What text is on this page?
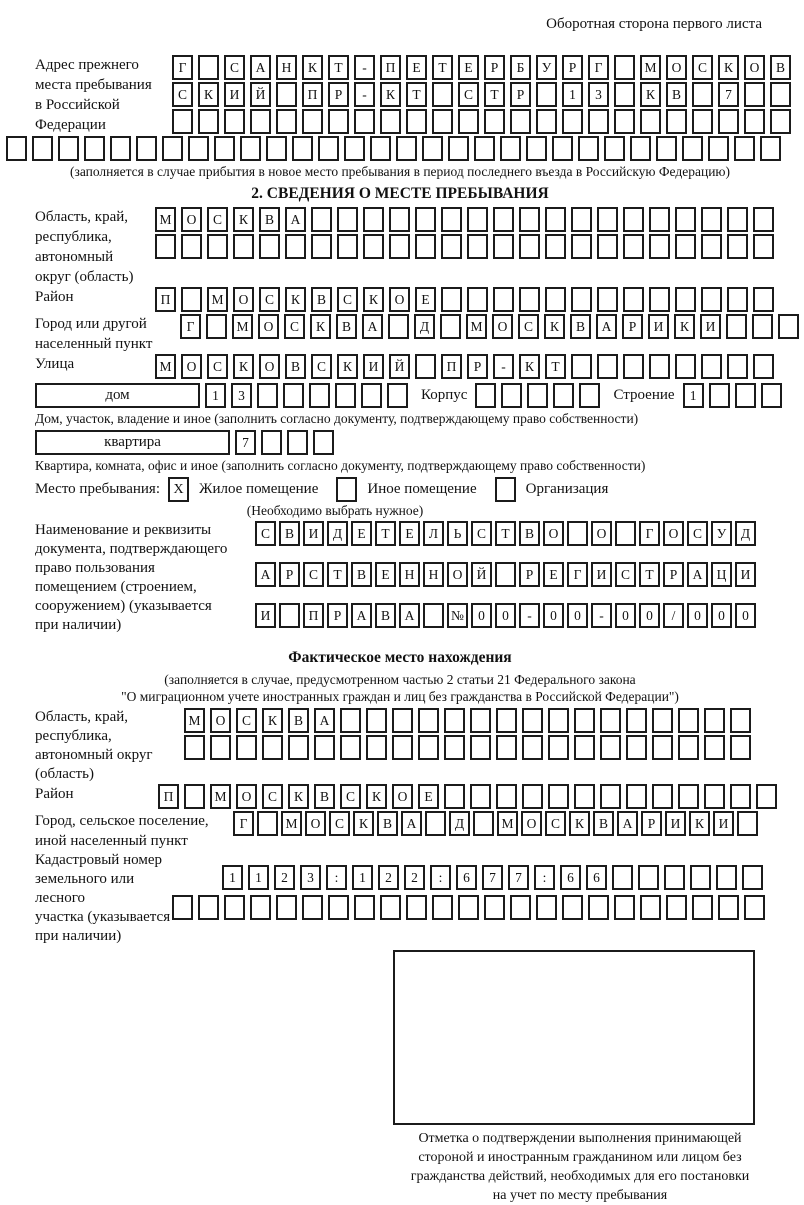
Оборотная сторона первого листа
Адрес прежнего
места пребывания
в Российской
Федерации
Г	С	А	Н	К	Т	-	П	Е	Т	Е	Р	Б	У	Р	Г	М	О	С	К	О	В
С	К	И	Й	П	Р	-	К	Т	С	Т	Р	1	3	К	В	7
(заполняется в случае прибытия в новое место пребывания в период последнего въезда в Российскую Федерацию)
2. СВЕДЕНИЯ О МЕСТЕ ПРЕБЫВАНИЯ
Область, край,
республика,
автономный
округ (область)
М	О	С	К	В	А
Район	П	М	О	С	К	В	С	К	О	Е
Город или другой
населенный пункт
Г	М	О	С	К	В	А	Д	М	О	С	К	В	А	Р	И	К	И
Улица	М	О	С	К	О	В	С	К	И	Й	П	Р	-	К	Т
дом	1	3	Корпус	Строение	1
Дом, участок, владение и иное (заполнить согласно документу, подтверждающему право собственности)
квартира	7
Квартира, комната, офис и иное (заполнить согласно документу, подтверждающему право собственности)
Место пребывания: X	Жилое помещение	Иное помещение	Организация
(Необходимо выбрать нужное)
Наименование и реквизиты
документа, подтверждающего
право пользования
помещением (строением,
сооружением) (указывается
при наличии)
С	В	И	Д	Е	Т	Е	Л	Ь	С	Т	В	О	О	Г	О	С	У	Д
А	Р	С	Т	В	Е	Н	Н	О	Й	Р	Е	Г	И	С	Т	Р	А	Ц	И
И	П	Р	А	В	А	№	0	0	-	0	0	-	0	0	/	0	0	0
Фактическое место нахождения
(заполняется в случае, предусмотренном частью 2 статьи 21 Федерального закона
"О миграционном учете иностранных граждан и лиц без гражданства в Российской Федерации")
Область, край,
республика,
автономный округ
(область)
М	О	С	К	В	А
Район	П	М	О	С	К	В	С	К	О	Е
Город, сельское поселение,
иной населенный пункт
Г	М О	С	К	В	А	Д	М О	С	К	В	А	Р	И	К	И
Кадастровый номер
земельного или лесного
участка (указывается
при наличии)
1	1	2	3	:	1	2	2	:	6	7	7	:	6	6
Отметка о подтверждении выполнения принимающей
стороной и иностранным гражданином или лицом без
гражданства действий, необходимых для его постановки
на учет по месту пребывания
